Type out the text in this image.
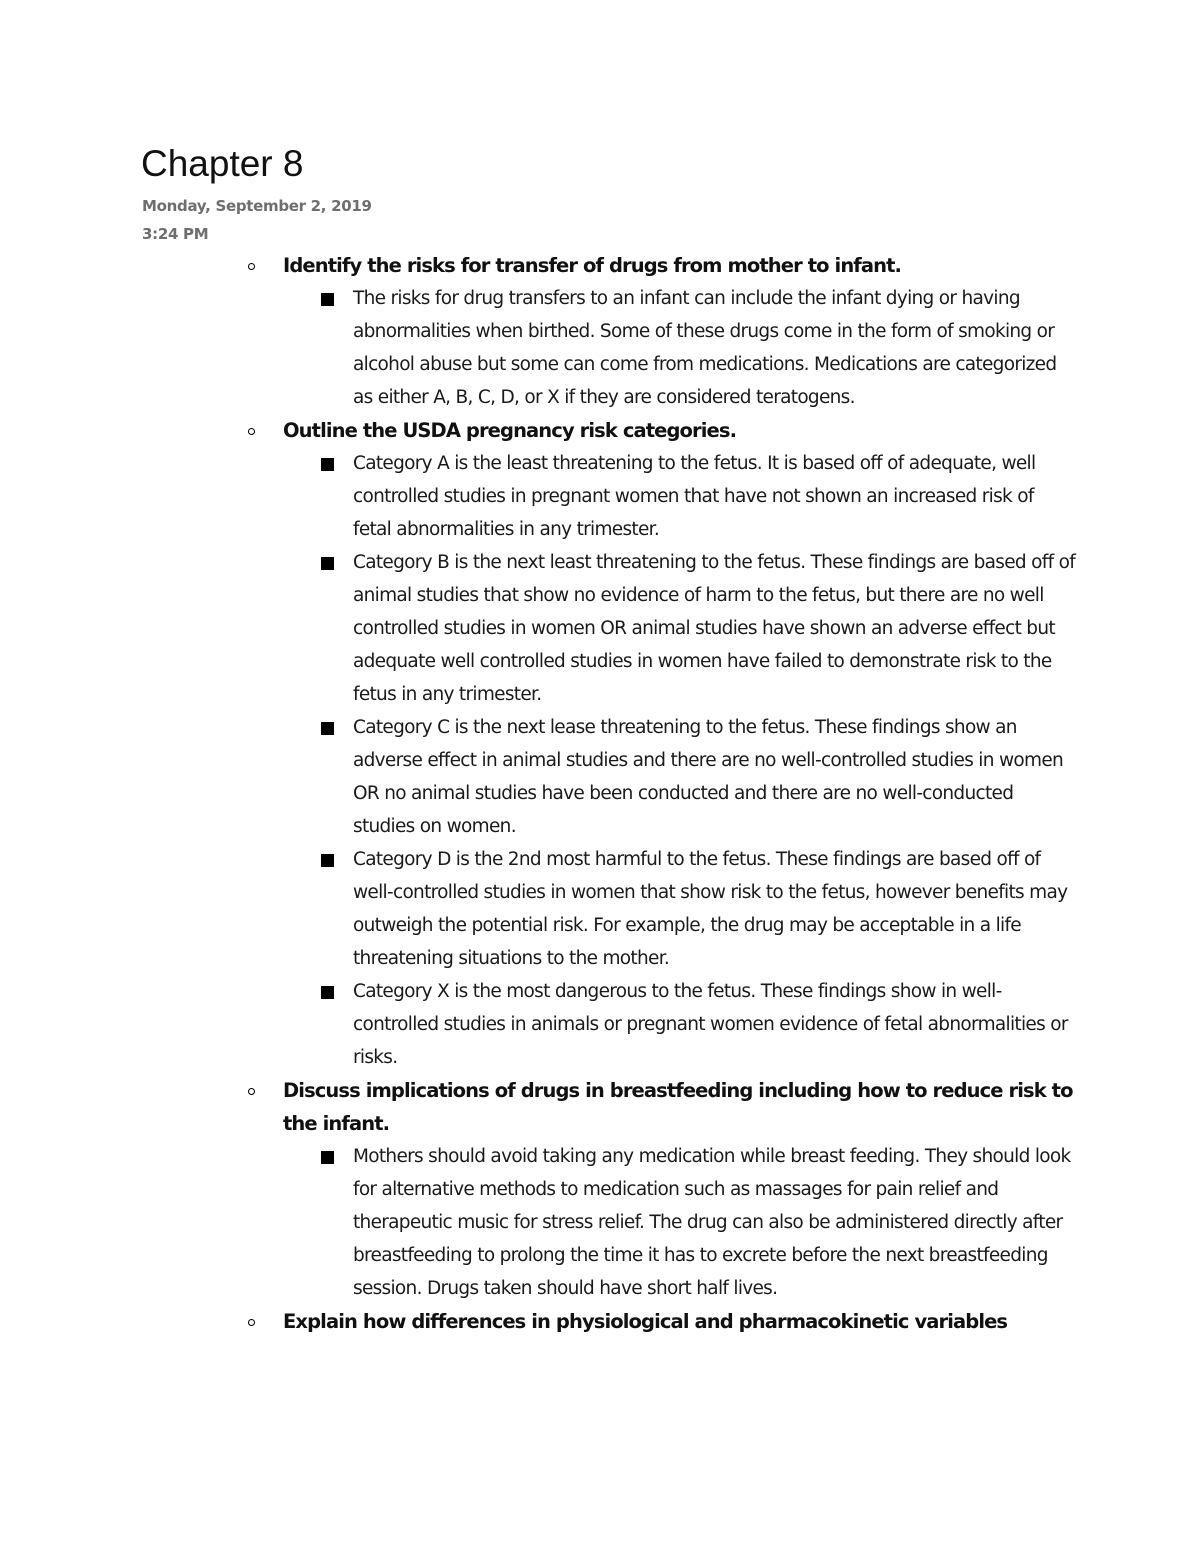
Chapter 8
Monday, September 2, 2019
3:24 PM
Identify the risks for transfer of drugs from mother to infant.
The risks for drug transfers to an infant can include the infant dying or having abnormalities when birthed. Some of these drugs come in the form of smoking or alcohol abuse but some can come from medications. Medications are categorized as either A, B, C, D, or X if they are considered teratogens.
Outline the USDA pregnancy risk categories.
Category A is the least threatening to the fetus. It is based off of adequate, well controlled studies in pregnant women that have not shown an increased risk of fetal abnormalities in any trimester.
Category B is the next least threatening to the fetus. These findings are based off of animal studies that show no evidence of harm to the fetus, but there are no well controlled studies in women OR animal studies have shown an adverse effect but adequate well controlled studies in women have failed to demonstrate risk to the fetus in any trimester.
Category C is the next lease threatening to the fetus. These findings show an adverse effect in animal studies and there are no well-controlled studies in women OR no animal studies have been conducted and there are no well-conducted studies on women.
Category D is the 2nd most harmful to the fetus. These findings are based off of well-controlled studies in women that show risk to the fetus, however benefits may outweigh the potential risk. For example, the drug may be acceptable in a life threatening situations to the mother.
Category X is the most dangerous to the fetus. These findings show in well-controlled studies in animals or pregnant women evidence of fetal abnormalities or risks.
Discuss implications of drugs in breastfeeding including how to reduce risk to the infant.
Mothers should avoid taking any medication while breast feeding. They should look for alternative methods to medication such as massages for pain relief and therapeutic music for stress relief. The drug can also be administered directly after breastfeeding to prolong the time it has to excrete before the next breastfeeding session. Drugs taken should have short half lives.
Explain how differences in physiological and pharmacokinetic variables
